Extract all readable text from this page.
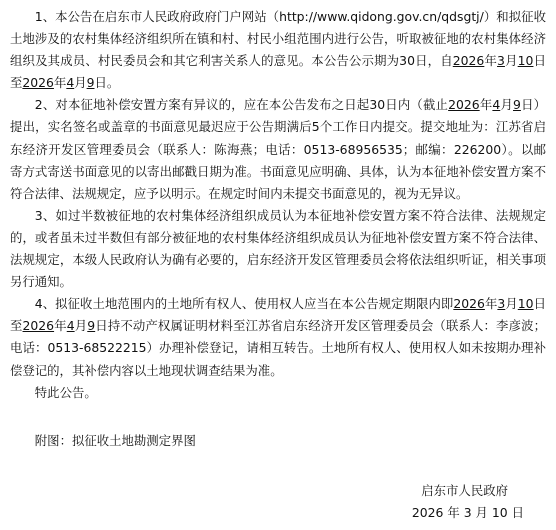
1、本公告在启东市人民政府政府门户网站（http://www.qidong.gov.cn/qdsgtj/）和拟征收土地涉及的农村集体经济组织所在镇和村、村民小组范围内进行公告，听取被征地的农村集体经济组织及其成员、村民委员会和其它利害关系人的意见。本公告公示期为30日，自2026年3月10日至2026年4月9日。

2、对本征地补偿安置方案有异议的，应在本公告发布之日起30日内（截止2026年4月9日）提出，实名签名或盖章的书面意见最迟应于公告期满后5个工作日内提交。提交地址为：江苏省启东经济开发区管理委员会（联系人：陈海燕；电话：0513-68956535；邮编：226200）。以邮寄方式寄送书面意见的以寄出邮戳日期为准。书面意见应明确、具体，认为本征地补偿安置方案不符合法律、法规规定，应予以明示。在规定时间内未提交书面意见的，视为无异议。

3、如过半数被征地的农村集体经济组织成员认为本征地补偿安置方案不符合法律、法规规定的，或者虽未过半数但有部分被征地的农村集体经济组织成员认为征地补偿安置方案不符合法律、法规规定，本级人民政府认为确有必要的，启东经济开发区管理委员会将依法组织听证，相关事项另行通知。

4、拟征收土地范围内的土地所有权人、使用权人应当在本公告规定期限内即2026年3月10日至2026年4月9日持不动产权属证明材料至江苏省启东经济开发区管理委员会（联系人：李彦波；电话：0513-68522215）办理补偿登记，请相互转告。土地所有权人、使用权人如未按期办理补偿登记的，其补偿内容以土地现状调查结果为准。

特此公告。

附图：拟征收土地勘测定界图

启东市人民政府
2026 年 3 月 10 日
